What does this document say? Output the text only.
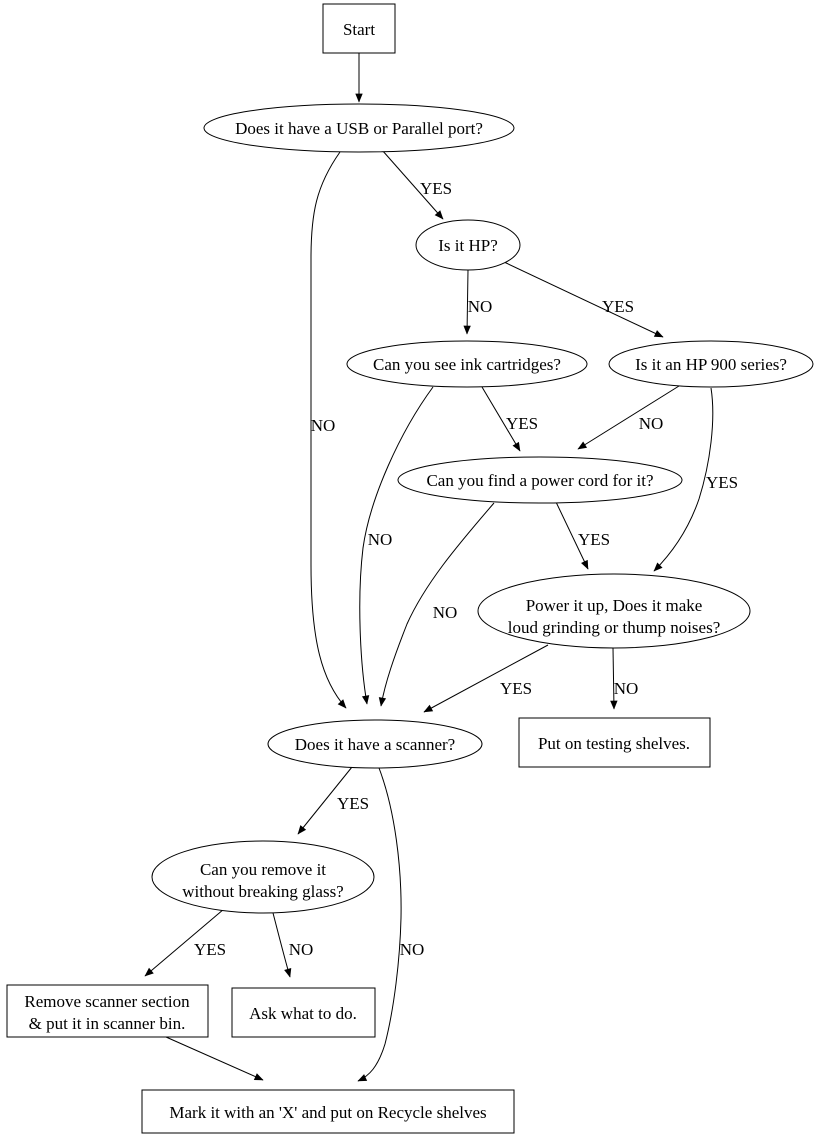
YES
NO
NO	YES
YES
NO
NO
YES
YES
NO
YES	NO
YES
NO
YES	NO
Start
Does it have a USB or Parallel port?
Is it HP?
Can you see ink cartridges?	Is it an HP 900 series?
Can you find a power cord for it?
Power it up, Does it make
loud grinding or thump noises?
Put on testing shelves.
Does it have a scanner?
Can you remove it
without breaking glass?
Remove scanner section
& put it in scanner bin.
Ask what to do.
Mark it with an 'X' and put on Recycle shelves
